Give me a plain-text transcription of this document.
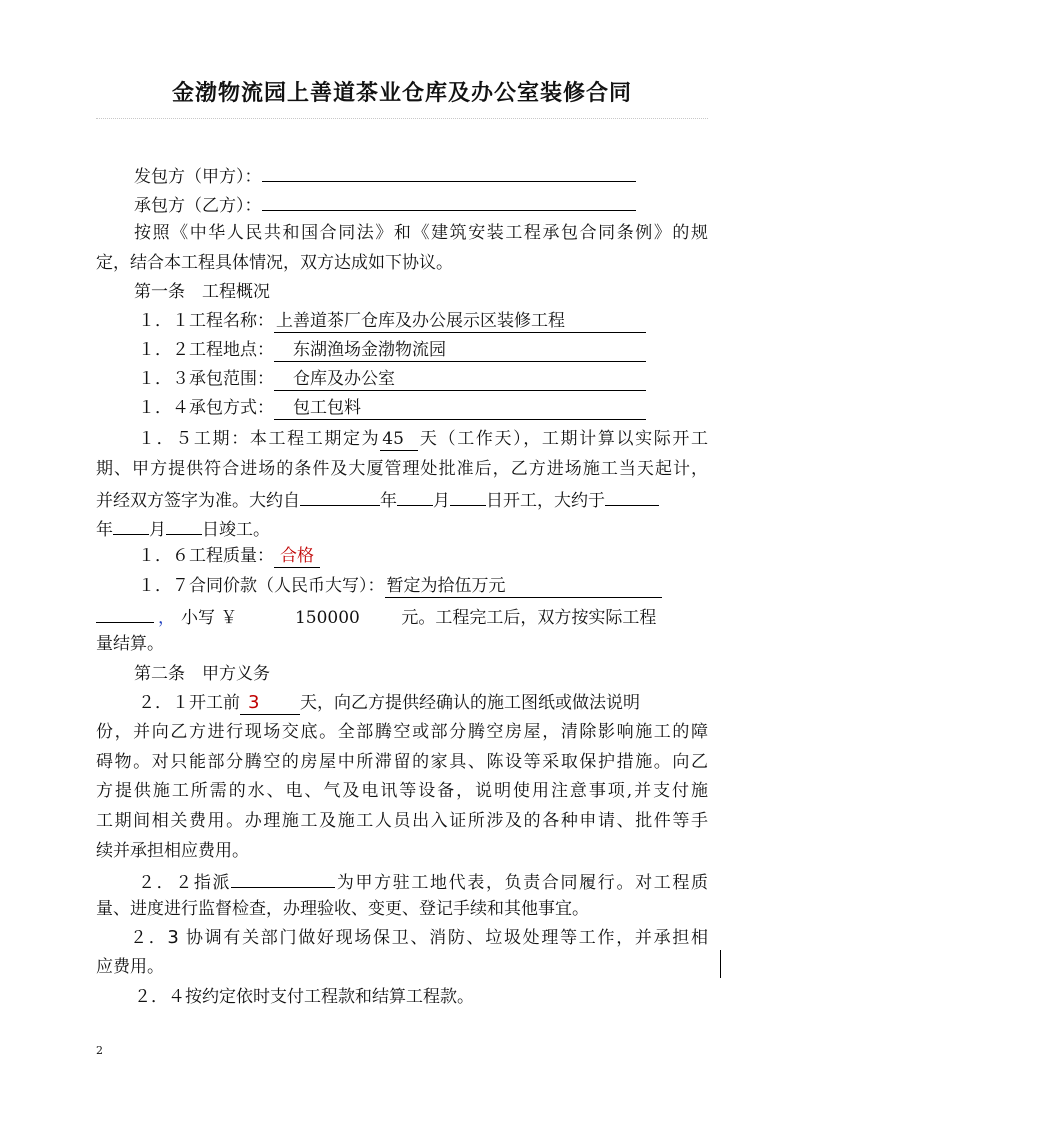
金渤物流园上善道茶业仓库及办公室装修合同
发包方（甲方）：
承包方（乙方）：
按照《中华人民共和国合同法》和《建筑安装工程承包合同条例》的规
定，结合本工程具体情况，双方达成如下协议。
第一条　工程概况
１．１工程名称： 上善道茶厂仓库及办公展示区装修工程
１．２工程地点：　东湖渔场金渤物流园
１．３承包范围：　仓库及办公室
１．４承包方式：　包工包料
１．５工期：本工程工期定为 45 天（工作天），工期计算以实际开工
期、甲方提供符合进场的条件及大厦管理处批准后，乙方进场施工当天起计，
并经双方签字为准。大约自	年 月 日开工，大约于
年 月 日竣工。
１．６工程质量： 合格
１．７合同价款（人民币大写）： 暂定为拾伍万元
， 小写 ￥	150000 元。工程完工后，双方按实际工程
量结算。
第二条　甲方义务
２．１开工前 3 天，向乙方提供经确认的施工图纸或做法说明
份，并向乙方进行现场交底。全部腾空或部分腾空房屋，清除影响施工的障
碍物。对只能部分腾空的房屋中所滞留的家具、陈设等采取保护措施。向乙
方提供施工所需的水、电、气及电讯等设备，说明使用注意事项,并支付施
工期间相关费用。办理施工及施工人员出入证所涉及的各种申请、批件等手
续并承担相应费用。
２．２指派	为甲方驻工地代表，负责合同履行。对工程质
量、进度进行监督检查，办理验收、变更、登记手续和其他事宜。
２．3 协调有关部门做好现场保卫、消防、垃圾处理等工作，并承担相
应费用。
２．４按约定依时支付工程款和结算工程款。
2
